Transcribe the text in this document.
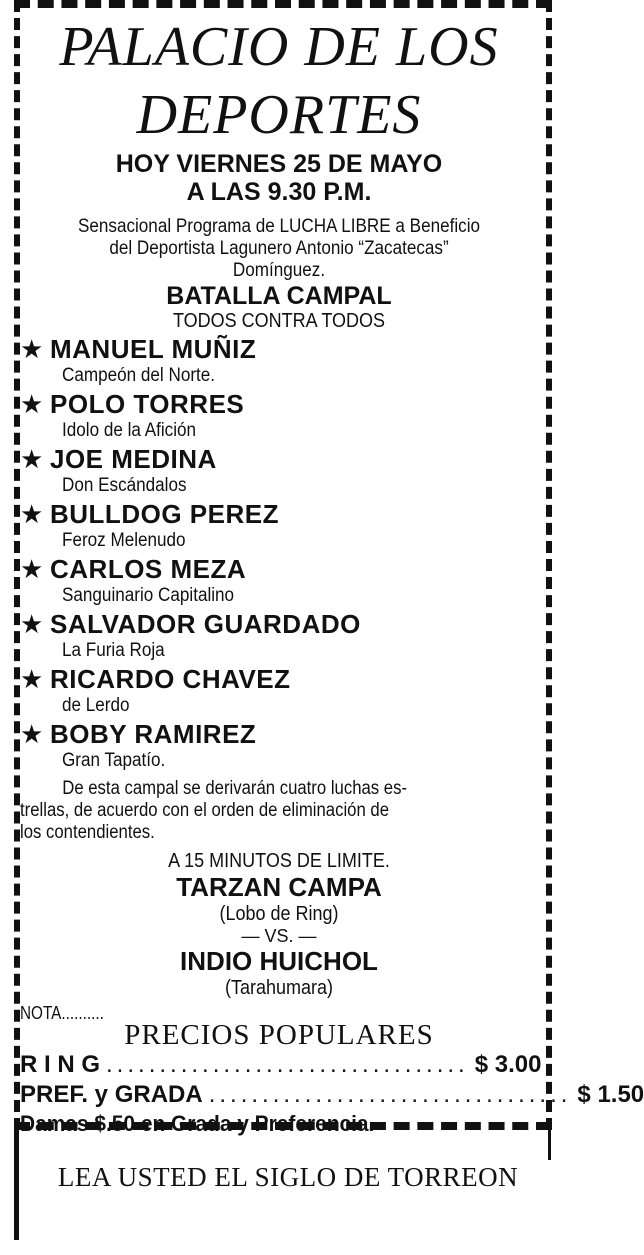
PALACIO DE LOS
DEPORTES
HOY VIERNES 25 DE MAYO
A LAS 9.30 P.M.
Sensacional Programa de LUCHA LIBRE a Beneficio
del Deportista Lagunero Antonio “Zacatecas”
Domínguez.
BATALLA CAMPAL
TODOS CONTRA TODOS
★ MANUEL MUÑIZ
Campeón del Norte.
★ POLO TORRES
Idolo de la Afición
★ JOE MEDINA
Don Escándalos
★ BULLDOG PEREZ
Feroz Melenudo
★ CARLOS MEZA
Sanguinario Capitalino
★ SALVADOR GUARDADO
La Furia Roja
★ RICARDO CHAVEZ
de Lerdo
★ BOBY RAMIREZ
Gran Tapatío.
De esta campal se derivarán cuatro luchas es-
trellas, de acuerdo con el orden de eliminación de
los contendientes.
A 15 MINUTOS DE LIMITE.
TARZAN CAMPA
(Lobo de Ring)
— VS. —
INDIO HUICHOL
(Tarahumara)
NOTA..........
PRECIOS POPULARES
R I N G .................................. $ 3.00
PREF. y GRADA .................................. $ 1.50
Damas $.50 en Grada y Preferencia.
LEA USTED EL SIGLO DE TORREON
